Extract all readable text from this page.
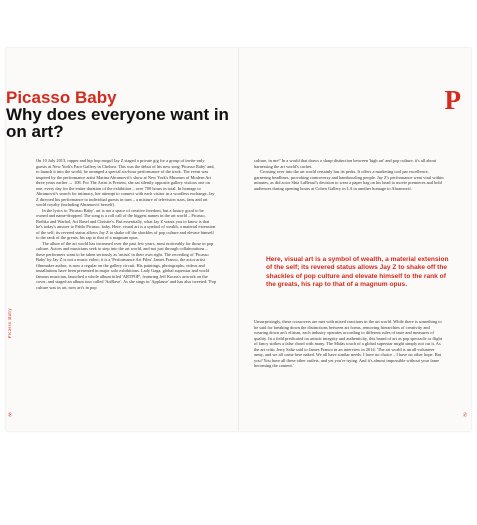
Picasso Baby
88	89
Picasso Baby
Why does everyone want in on art?
P

On 10 July 2013, rapper and hip hop mogul Jay Z staged a private gig for a group of invite-only guests at New York's Pace Gallery in Chelsea. This was the debut of his new song 'Picasso Baby' and, to launch it into the world, he arranged a special six-hour performance of the track. The event was inspired by the performance artist Marina Abramović's show at New York's Museum of Modern Art three years earlier → 108. For The Artist is Present, she sat silently opposite gallery visitors one on one, every day for the entire duration of the exhibition – over 700 hours in total. In homage to Abramović's search for intimacy, her attempt to connect with each visitor in a wordless exchange, Jay Z directed his performance to individual guests in turn – a mixture of television stars, fans and art world royalty (including Abramović herself).

In the lyrics to 'Picasso Baby', art is not a space of creative freedom, but a luxury good to be owned and name-dropped. The song is a roll call of the biggest names in the art world – Picasso, Rothko and Warhol, Art Basel and Christie's. But essentially, what Jay Z wants you to know is that he's today's answer to Pablo Picasso, baby. Here, visual art is a symbol of wealth, a material extension of the self; its revered status allows Jay Z to shake off the shackles of pop culture and elevate himself to the rank of the greats, his rap to that of a magnum opus.

The allure of the art world has increased over the past few years, most noticeably for those in pop culture. Actors and musicians seek to step into the art world, and not just through collaborations – these performers want to be taken seriously as 'artists' in their own right. The recording of 'Picasso Baby' by Jay Z is not a music video; it is a 'Performance Art Film'. James Franco, the actor artist filmmaker author, is now a regular on the gallery circuit. His paintings, photographs, videos and installations have been presented in major solo exhibitions. Lady Gaga, global superstar and world famous musician, launched a whole album titled 'ARTPOP', featuring Jeff Koons's artwork on the cover, and staged an album tour called 'ArtRave'. As she sings in 'Applause' and has also tweeted: 'Pop culture was in art, now art's in pop

culture, in me!' In a world that draws a sharp distinction between 'high art' and pop culture, it's all about harnessing the art world's cachet.

Crossing over into the art world certainly has its perks. It offers a marketing tool par excellence, garnering headlines, provoking controversy and bamboozling people. Jay Z's performance went viral within minutes, as did actor Shia LaBeouf's decision to wear a paper bag on his head to movie premieres and hold audiences during opening hours at Cohen Gallery in LA in another homage to Abramović.

Here, visual art is a symbol of wealth, a material extension of the self; its revered status allows Jay Z to shake off the shackles of pop culture and elevate himself to the rank of the greats, his rap to that of a magnum opus.

Unsurprisingly, these crossovers are met with mixed reactions in the art world. While there is something to be said for breaking down the distinctions between art forms, removing hierarchies of creativity and wearing down art's elitism, each industry operates according to different rules of taste and measures of quality. In a field predicated on artistic integrity and authenticity, this brand of art as pop spectacle or flight of fancy strikes a false chord with many. The Midas touch of a global superstar might simply not cut it. As the art critic Jerry Saltz said to James Franco in an interview in 2014: 'The art world is an all-volunteer army, and we all come here naked. We all have similar needs. I have no choice – I have no other hope. But you? You have all these other outlets, and yet you're trying. And it's almost impossible without your fame becoming the content.'
